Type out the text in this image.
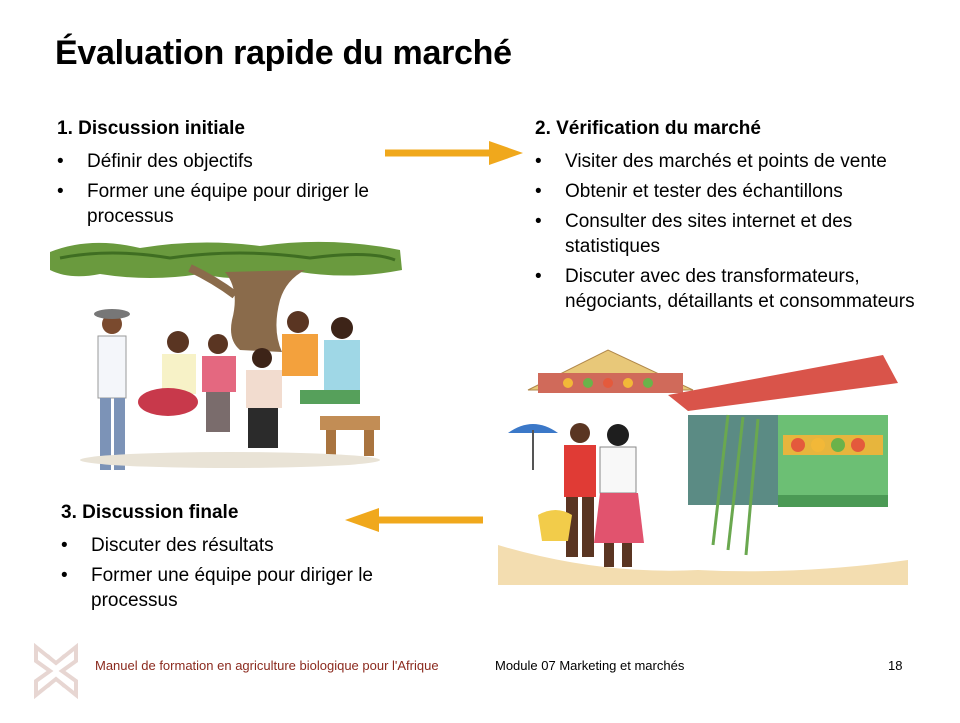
Évaluation rapide du marché
1. Discussion initiale
• Définir des objectifs
• Former une équipe pour diriger le processus
2. Vérification du marché
• Visiter des marchés et points de vente
• Obtenir et tester des échantillons
• Consulter des sites internet et des statistiques
• Discuter avec des transformateurs, négociants, détaillants et consommateurs
3. Discussion finale
• Discuter des résultats
• Former une équipe pour diriger le processus
Manuel de formation en agriculture biologique pour l'Afrique	Module 07 Marketing et marchés	18
